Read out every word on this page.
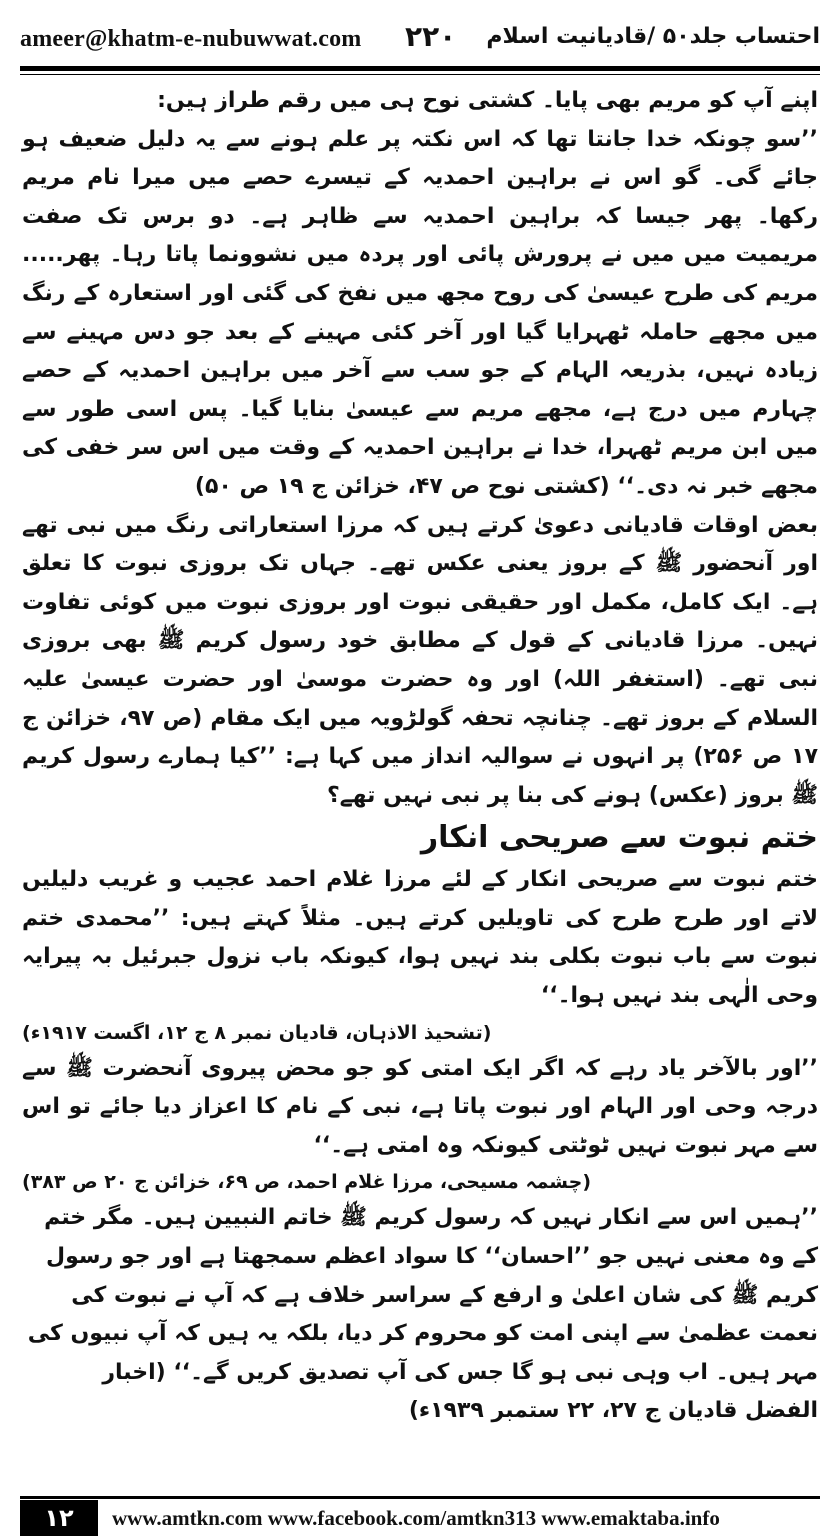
ameer@khatm-e-nubuwwat.com ۲۲۰ احتساب جلد۵۰ /قادیانیت اسلام

اپنے آپ کو مریم بھی پایا۔ کشتی نوح ہی میں رقم طراز ہیں:

’’سو چونکہ خدا جانتا تھا کہ اس نکتہ پر علم ہونے سے یہ دلیل ضعیف ہو جائے گی۔ گو اس نے براہین احمدیہ کے تیسرے حصے میں میرا نام مریم رکھا۔ پھر جیسا کہ براہین احمدیہ سے ظاہر ہے۔ دو برس تک صفت مریمیت میں میں نے پرورش پائی اور پردہ میں نشوونما پاتا رہا۔ پھر..... مریم کی طرح عیسیٰ کی روح مجھ میں نفخ کی گئی اور استعارہ کے رنگ میں مجھے حاملہ ٹھہرایا گیا اور آخر کئی مہینے کے بعد جو دس مہینے سے زیادہ نہیں، بذریعہ الہام کے جو سب سے آخر میں براہین احمدیہ کے حصے چہارم میں درج ہے، مجھے مریم سے عیسیٰ بنایا گیا۔ پس اسی طور سے میں ابن مریم ٹھہرا، خدا نے براہین احمدیہ کے وقت میں اس سر خفی کی مجھے خبر نہ دی۔‘‘ (کشتی نوح ص ۴۷، خزائن ج ۱۹ ص ۵۰)

بعض اوقات قادیانی دعویٰ کرتے ہیں کہ مرزا استعاراتی رنگ میں نبی تھے اور آنحضور ﷺ کے بروز یعنی عکس تھے۔ جہاں تک بروزی نبوت کا تعلق ہے۔ ایک کامل، مکمل اور حقیقی نبوت اور بروزی نبوت میں کوئی تفاوت نہیں۔ مرزا قادیانی کے قول کے مطابق خود رسول کریم ﷺ بھی بروزی نبی تھے۔ (استغفر اللہ) اور وہ حضرت موسیٰ اور حضرت عیسیٰ علیہ السلام کے بروز تھے۔ چنانچہ تحفہ گولڑویہ میں ایک مقام (ص ۹۷، خزائن ج ۱۷ ص ۲۵۶) پر انہوں نے سوالیہ انداز میں کہا ہے: ’’کیا ہمارے رسول کریم ﷺ بروز (عکس) ہونے کی بنا پر نبی نہیں تھے؟

ختم نبوت سے صریحی انکار

ختم نبوت سے صریحی انکار کے لئے مرزا غلام احمد عجیب و غریب دلیلیں لاتے اور طرح طرح کی تاویلیں کرتے ہیں۔ مثلاً کہتے ہیں: ’’محمدی ختم نبوت سے باب نبوت بکلی بند نہیں ہوا، کیونکہ باب نزول جبرئیل بہ پیرایہ وحی الٰہی بند نہیں ہوا۔‘‘

(تشحیذ الاذہان، قادیان نمبر ۸ ج ۱۲، اگست ۱۹۱۷ء)

’’اور بالآخر یاد رہے کہ اگر ایک امتی کو جو محض پیروی آنحضرت ﷺ سے درجہ وحی اور الہام اور نبوت پاتا ہے، نبی کے نام کا اعزاز دیا جائے تو اس سے مہر نبوت نہیں ٹوٹتی کیونکہ وہ امتی ہے۔‘‘

(چشمہ مسیحی، مرزا غلام احمد، ص ۶۹، خزائن ج ۲۰ ص ۳۸۳)

’’ہمیں اس سے انکار نہیں کہ رسول کریم ﷺ خاتم النبیین ہیں۔ مگر ختم کے وہ معنی نہیں جو ’’احسان‘‘ کا سواد اعظم سمجھتا ہے اور جو رسول کریم ﷺ کی شان اعلیٰ و ارفع کے سراسر خلاف ہے کہ آپ نے نبوت کی نعمت عظمیٰ سے اپنی امت کو محروم کر دیا، بلکہ یہ ہیں کہ آپ نبیوں کی مہر ہیں۔ اب وہی نبی ہو گا جس کی آپ تصدیق کریں گے۔‘‘ (اخبار الفضل قادیان ج ۲۷، ۲۲ ستمبر ۱۹۳۹ء)

۱۲	www.amtkn.com www.facebook.com/amtkn313 www.emaktaba.info
